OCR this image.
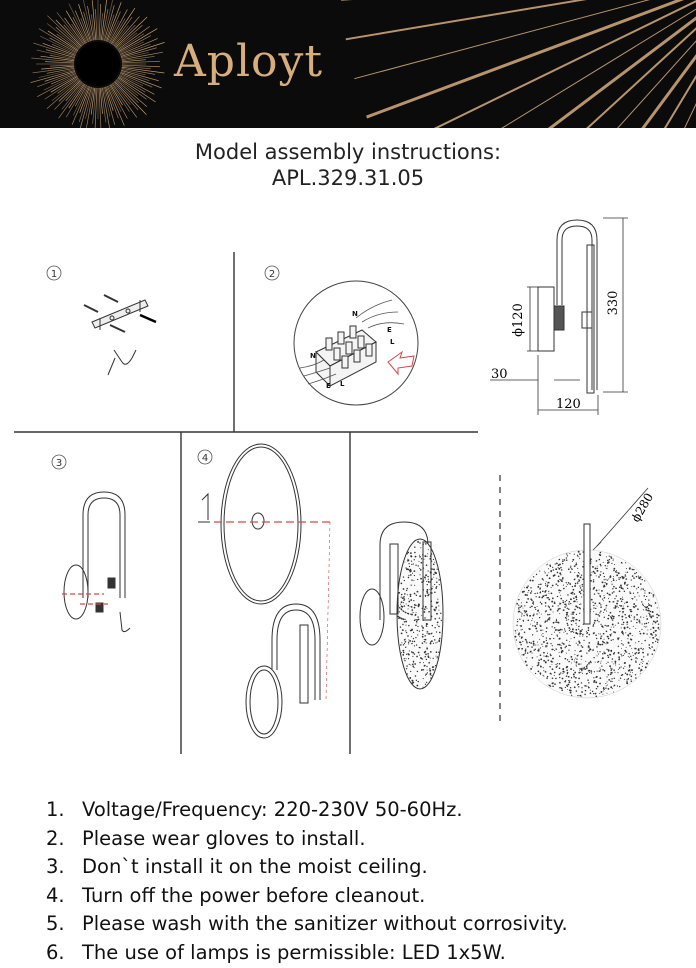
Aployt
Model assembly instructions:
APL.329.31.05
1	2
3	4
N
E
L
N
E L
330
ϕ120
30
120
ϕ280
1. Voltage/Frequency: 220-230V 50-60Hz.
2. Please wear gloves to install.
3. Don`t install it on the moist ceiling.
4. Turn off the power before cleanout.
5. Please wash with the sanitizer without corrosivity.
6. The use of lamps is permissible: LED 1x5W.
